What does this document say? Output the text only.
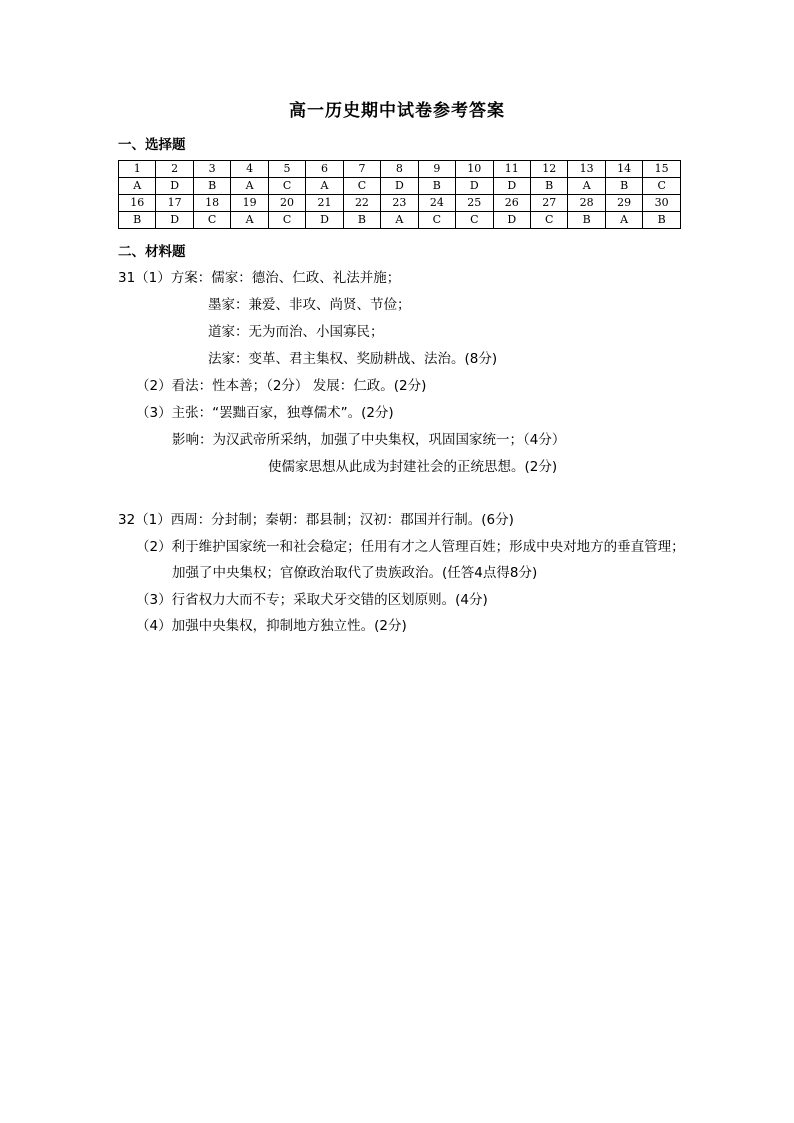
高一历史期中试卷参考答案
一、选择题
1	2	3	4	5	6	7	8	9	10	11	12	13	14	15
A	D	B	A	C	A	C	D	B	D	D	B	A	B	C
16	17	18	19	20	21	22	23	24	25	26	27	28	29	30
B	D	C	A	C	D	B	A	C	C	D	C	B	A	B
二、材料题
31（1）方案：儒家：德治、仁政、礼法并施；
墨家：兼爱、非攻、尚贤、节俭；
道家：无为而治、小国寡民；
法家：变革、君主集权、奖励耕战、法治。(8分)
（2）看法：性本善；（2分） 发展：仁政。(2分)
（3）主张：“罢黜百家，独尊儒术”。(2分)
影响：为汉武帝所采纳，加强了中央集权，巩固国家统一；（4分）
使儒家思想从此成为封建社会的正统思想。(2分)
32（1）西周：分封制；秦朝：郡县制；汉初：郡国并行制。(6分)
（2）利于维护国家统一和社会稳定；任用有才之人管理百姓；形成中央对地方的垂直管理；
加强了中央集权；官僚政治取代了贵族政治。(任答4点得8分)
（3）行省权力大而不专；采取犬牙交错的区划原则。(4分)
（4）加强中央集权，抑制地方独立性。(2分)
